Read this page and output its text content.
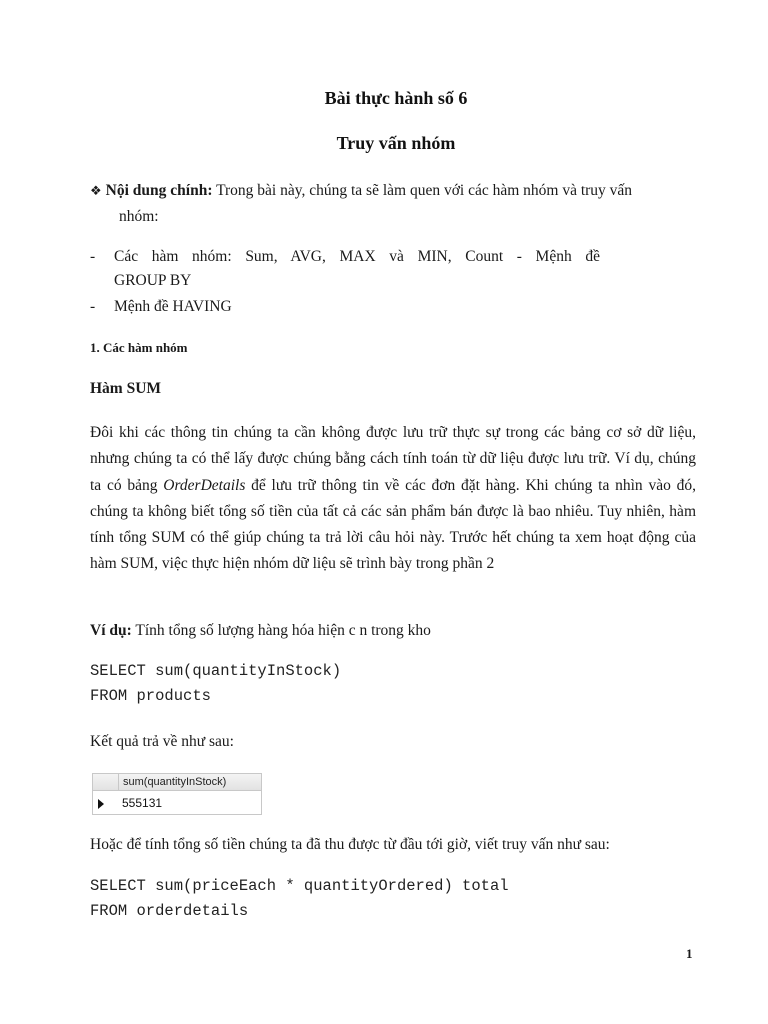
Bài thực hành số 6
Truy vấn nhóm
❖ Nội dung chính: Trong bài này, chúng ta sẽ làm quen với các hàm nhóm và truy vấn
nhóm:
-	Các hàm nhóm: Sum, AVG, MAX và MIN, Count - Mệnh đề
GROUP BY
-	Mệnh đề HAVING
1. Các hàm nhóm
Hàm SUM
Đôi khi các thông tin chúng ta cần không được lưu trữ thực sự trong các bảng cơ sở dữ liệu, nhưng chúng ta có thể lấy được chúng bằng cách tính toán từ dữ liệu được lưu trữ. Ví dụ, chúng ta có bảng OrderDetails để lưu trữ thông tin về các đơn đặt hàng. Khi chúng ta nhìn vào đó, chúng ta không biết tổng số tiền của tất cả các sản phẩm bán được là bao nhiêu. Tuy nhiên, hàm tính tổng SUM có thể giúp chúng ta trả lời câu hỏi này. Trước hết chúng ta xem hoạt động của hàm SUM, việc thực hiện nhóm dữ liệu sẽ trình bày trong phần 2
Ví dụ: Tính tổng số lượng hàng hóa hiện c n trong kho
SELECT sum(quantityInStock)
FROM products
Kết quả trả về như sau:
sum(quantityInStock)
555131
Hoặc để tính tổng số tiền chúng ta đã thu được từ đầu tới giờ, viết truy vấn như sau:
SELECT sum(priceEach * quantityOrdered) total
FROM orderdetails
1
